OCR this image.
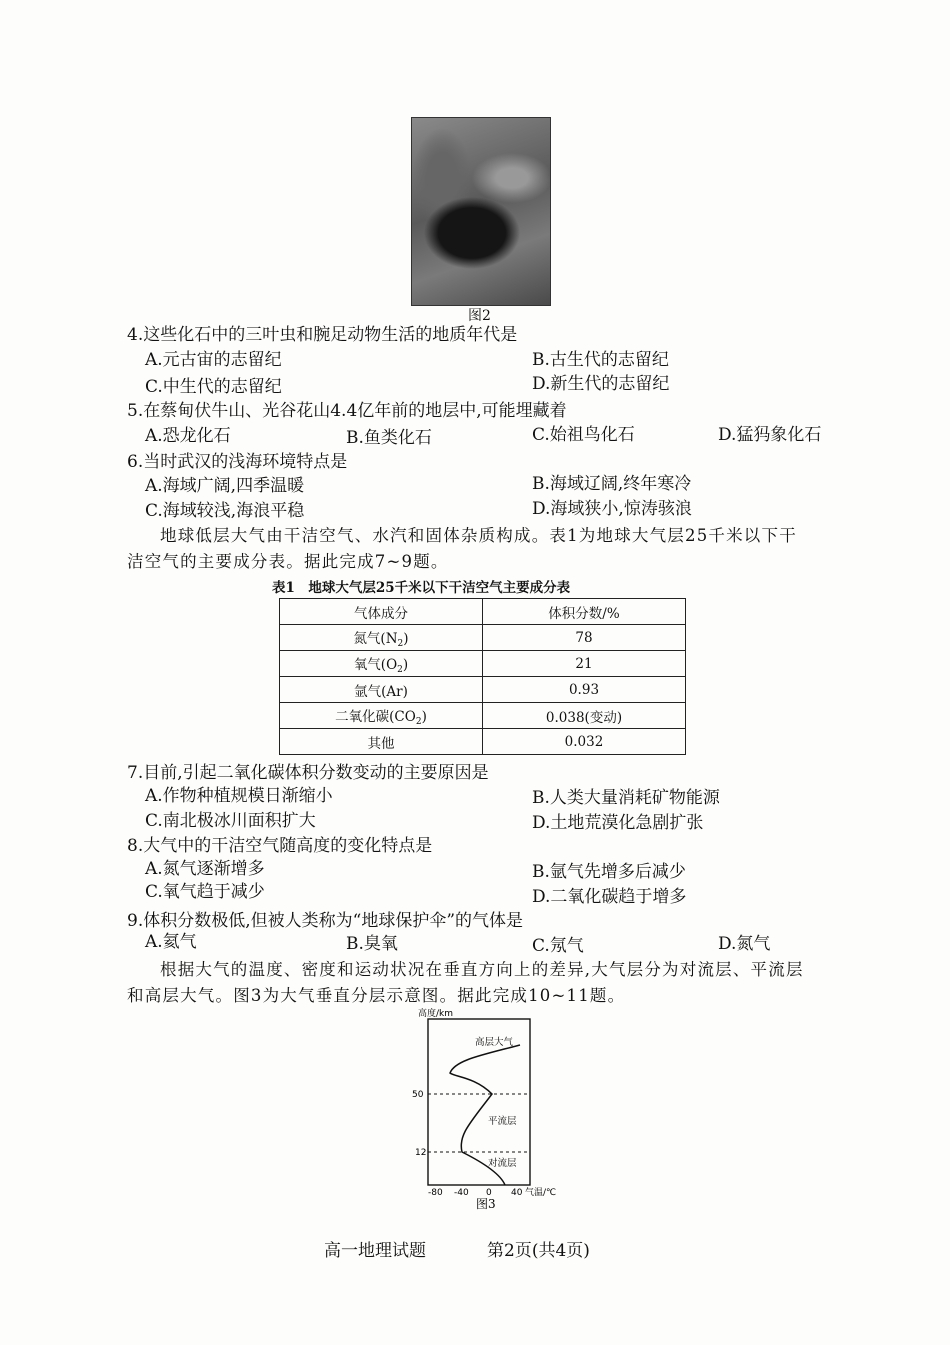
图2
4.这些化石中的三叶虫和腕足动物生活的地质年代是
A.元古宙的志留纪	B.古生代的志留纪
C.中生代的志留纪	D.新生代的志留纪
5.在蔡甸伏牛山、光谷花山4.4亿年前的地层中,可能埋藏着
A.恐龙化石	B.鱼类化石	C.始祖鸟化石	D.猛犸象化石
6.当时武汉的浅海环境特点是
A.海域广阔,四季温暖	B.海域辽阔,终年寒冷
C.海域较浅,海浪平稳	D.海域狭小,惊涛骇浪
地球低层大气由干洁空气、水汽和固体杂质构成。表1为地球大气层25千米以下干
洁空气的主要成分表。据此完成7~9题。
表1　地球大气层25千米以下干洁空气主要成分表
气体成分	体积分数/%
氮气$(N_2)$	78
氧气$(O_2)$	21
氩气(Ar)	0.93
二氧化碳$(CO_2)$	0.038(变动)
其他	0.032
7.目前,引起二氧化碳体积分数变动的主要原因是
A.作物种植规模日渐缩小	B.人类大量消耗矿物能源
C.南北极冰川面积扩大	D.土地荒漠化急剧扩张
8.大气中的干洁空气随高度的变化特点是
A.氮气逐渐增多	B.氩气先增多后减少
C.氧气趋于减少	D.二氧化碳趋于增多
9.体积分数极低,但被人类称为“地球保护伞”的气体是
A.氦气	B.臭氧	C.氖气	D.氮气
根据大气的温度、密度和运动状况在垂直方向上的差异,大气层分为对流层、平流层
和高层大气。图3为大气垂直分层示意图。据此完成10~11题。
高度/km
高层大气
平流层
对流层
50
12
-80 -40 0 40 气温/℃
图3
高一地理试题	第2页(共4页)
